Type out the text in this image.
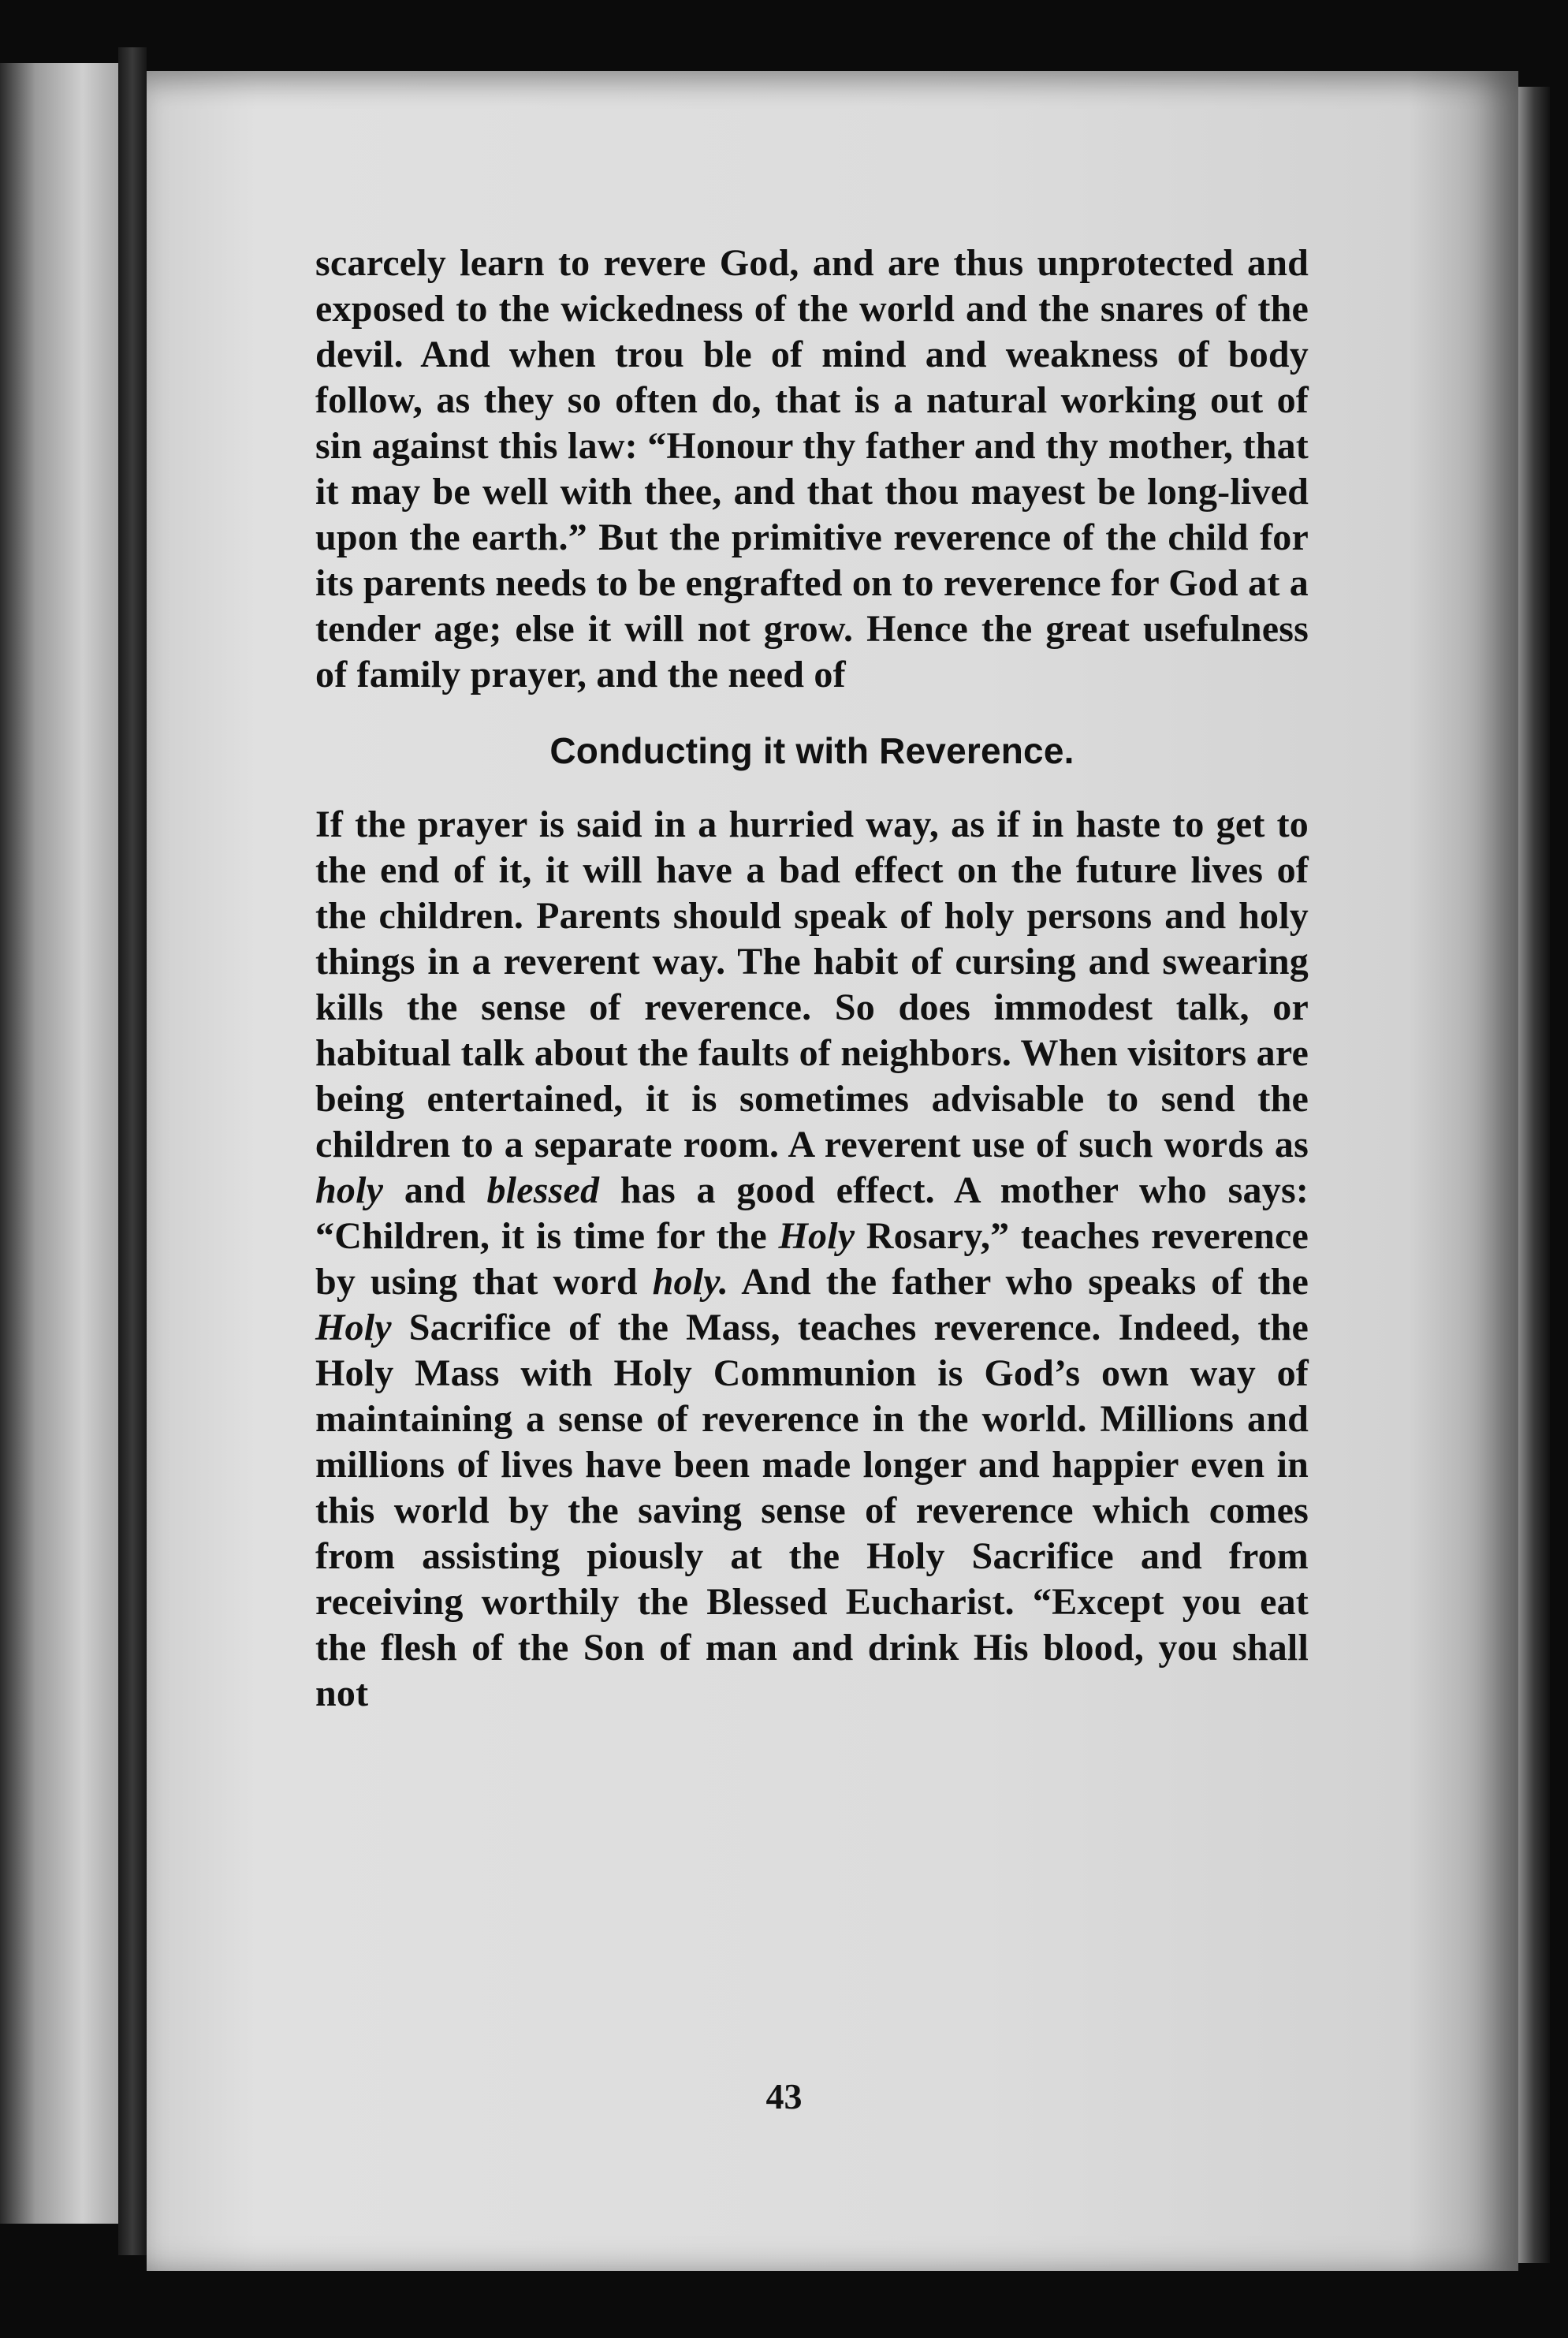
scarcely learn to revere God, and are thus unprotected and exposed to the wickedness of the world and the snares of the devil. And when trou ble of mind and weakness of body follow, as they so often do, that is a natural working out of sin against this law: “Honour thy father and thy mother, that it may be well with thee, and that thou mayest be long-lived upon the earth.” But the primitive reverence of the child for its parents needs to be engrafted on to reverence for God at a tender age; else it will not grow. Hence the great usefulness of family prayer, and the need of

Conducting it with Reverence.

If the prayer is said in a hurried way, as if in haste to get to the end of it, it will have a bad effect on the future lives of the children. Parents should speak of holy persons and holy things in a reverent way. The habit of cursing and swearing kills the sense of reverence. So does immodest talk, or habitual talk about the faults of neighbors. When visitors are being entertained, it is sometimes advisable to send the children to a separate room. A reverent use of such words as holy and blessed has a good effect. A mother who says: “Children, it is time for the Holy Rosary,” teaches reverence by using that word holy. And the father who speaks of the Holy Sacrifice of the Mass, teaches reverence. Indeed, the Holy Mass with Holy Communion is God’s own way of maintaining a sense of reverence in the world. Millions and millions of lives have been made longer and happier even in this world by the saving sense of reverence which comes from assisting piously at the Holy Sacrifice and from receiving worthily the Blessed Eucharist. “Except you eat the flesh of the Son of man and drink His blood, you shall not

43
